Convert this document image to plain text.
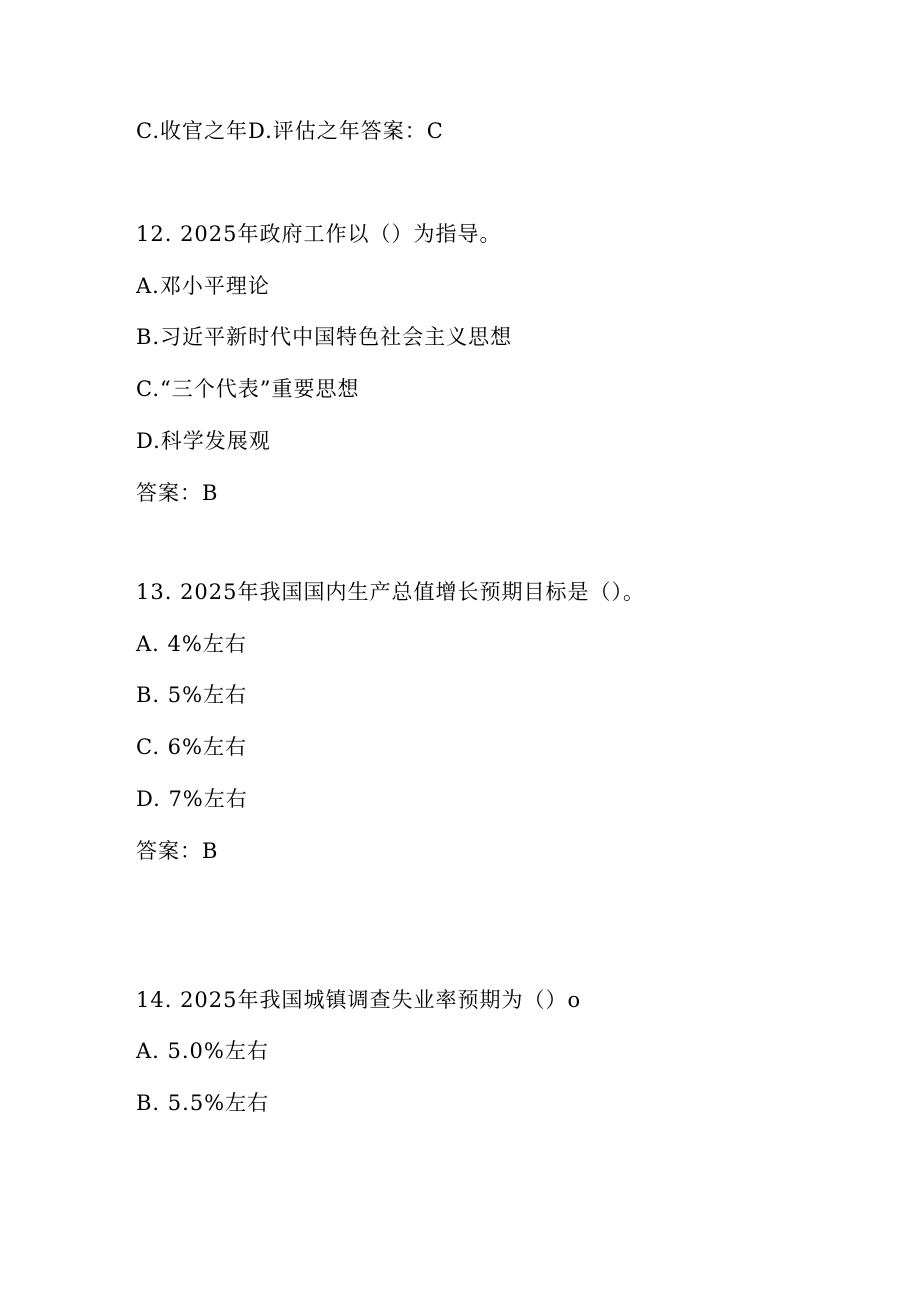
C.收官之年D.评估之年答案：C
12. 2025年政府工作以（）为指导。
A.邓小平理论
B.习近平新时代中国特色社会主义思想
C.“三个代表”重要思想
D.科学发展观
答案：B
13. 2025年我国国内生产总值增长预期目标是（）。
A. 4%左右
B. 5%左右
C. 6%左右
D. 7%左右
答案：B
14. 2025年我国城镇调查失业率预期为（）o
A. 5.0%左右
B. 5.5%左右
